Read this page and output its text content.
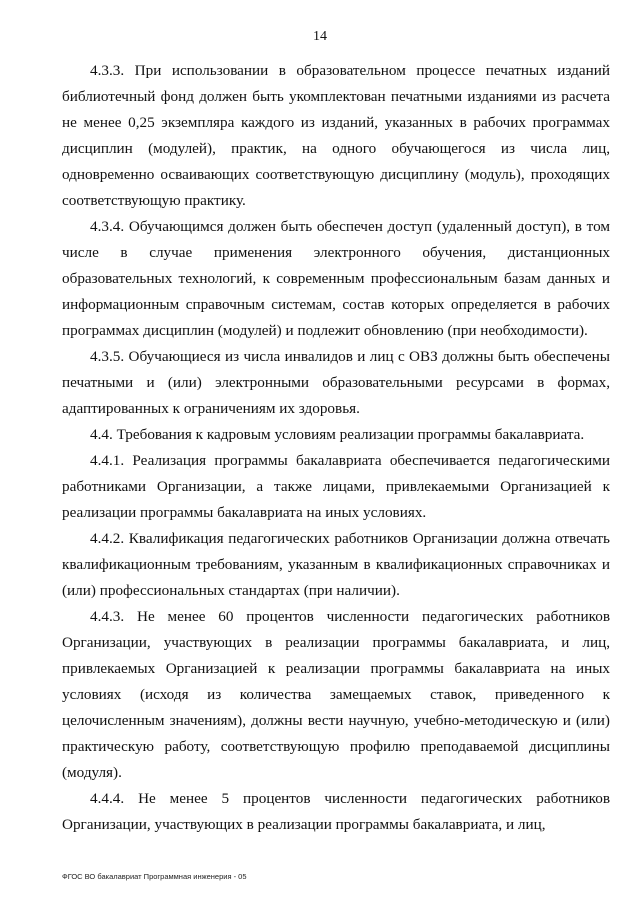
14

4.3.3. При использовании в образовательном процессе печатных изданий библиотечный фонд должен быть укомплектован печатными изданиями из расчета не менее 0,25 экземпляра каждого из изданий, указанных в рабочих программах дисциплин (модулей), практик, на одного обучающегося из числа лиц, одновременно осваивающих соответствующую дисциплину (модуль), проходящих соответствующую практику.

4.3.4. Обучающимся должен быть обеспечен доступ (удаленный доступ), в том числе в случае применения электронного обучения, дистанционных образовательных технологий, к современным профессиональным базам данных и информационным справочным системам, состав которых определяется в рабочих программах дисциплин (модулей) и подлежит обновлению (при необходимости).

4.3.5. Обучающиеся из числа инвалидов и лиц с ОВЗ должны быть обеспечены печатными и (или) электронными образовательными ресурсами в формах, адаптированных к ограничениям их здоровья.

4.4. Требования к кадровым условиям реализации программы бакалавриата.

4.4.1. Реализация программы бакалавриата обеспечивается педагогическими работниками Организации, а также лицами, привлекаемыми Организацией к реализации программы бакалавриата на иных условиях.

4.4.2. Квалификация педагогических работников Организации должна отвечать квалификационным требованиям, указанным в квалификационных справочниках и (или) профессиональных стандартах (при наличии).

4.4.3. Не менее 60 процентов численности педагогических работников Организации, участвующих в реализации программы бакалавриата, и лиц, привлекаемых Организацией к реализации программы бакалавриата на иных условиях (исходя из количества замещаемых ставок, приведенного к целочисленным значениям), должны вести научную, учебно-методическую и (или) практическую работу, соответствующую профилю преподаваемой дисциплины (модуля).

4.4.4. Не менее 5 процентов численности педагогических работников Организации, участвующих в реализации программы бакалавриата, и лиц,

ФГОС ВО бакалавриат Программная инженерия - 05
